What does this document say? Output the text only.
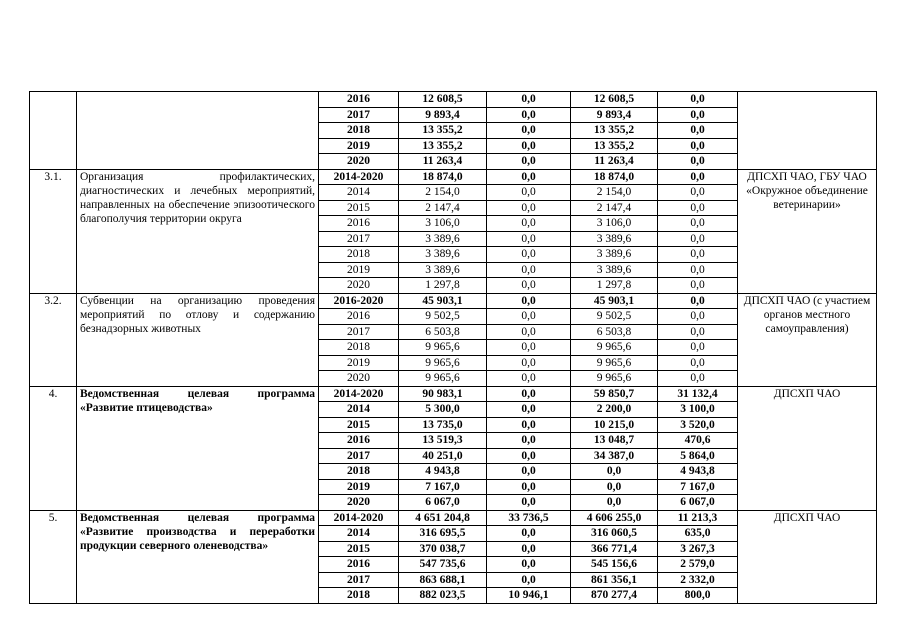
		2016	12 608,5	0,0	12 608,5	0,0	
		2017	9 893,4	0,0	9 893,4	0,0	
		2018	13 355,2	0,0	13 355,2	0,0	
		2019	13 355,2	0,0	13 355,2	0,0	
		2020	11 263,4	0,0	11 263,4	0,0	
3.1.	Организация профилактических, диагностических и лечебных мероприятий, направленных на обеспечение эпизоотического благополучия территории округа	2014-2020	18 874,0	0,0	18 874,0	0,0	ДПСХП ЧАО, ГБУ ЧАО «Окружное объединение ветеринарии»
		2014	2 154,0	0,0	2 154,0	0,0	
		2015	2 147,4	0,0	2 147,4	0,0	
		2016	3 106,0	0,0	3 106,0	0,0	
		2017	3 389,6	0,0	3 389,6	0,0	
		2018	3 389,6	0,0	3 389,6	0,0	
		2019	3 389,6	0,0	3 389,6	0,0	
		2020	1 297,8	0,0	1 297,8	0,0	
3.2.	Субвенции на организацию проведения мероприятий по отлову и содержанию безнадзорных животных	2016-2020	45 903,1	0,0	45 903,1	0,0	ДПСХП ЧАО (с участием органов местного самоуправления)
		2016	9 502,5	0,0	9 502,5	0,0	
		2017	6 503,8	0,0	6 503,8	0,0	
		2018	9 965,6	0,0	9 965,6	0,0	
		2019	9 965,6	0,0	9 965,6	0,0	
		2020	9 965,6	0,0	9 965,6	0,0	
4.	Ведомственная целевая программа «Развитие птицеводства»	2014-2020	90 983,1	0,0	59 850,7	31 132,4	ДПСХП ЧАО
		2014	5 300,0	0,0	2 200,0	3 100,0	
		2015	13 735,0	0,0	10 215,0	3 520,0	
		2016	13 519,3	0,0	13 048,7	470,6	
		2017	40 251,0	0,0	34 387,0	5 864,0	
		2018	4 943,8	0,0	0,0	4 943,8	
		2019	7 167,0	0,0	0,0	7 167,0	
		2020	6 067,0	0,0	0,0	6 067,0	
5.	Ведомственная целевая программа «Развитие производства и переработки продукции северного оленеводства»	2014-2020	4 651 204,8	33 736,5	4 606 255,0	11 213,3	ДПСХП ЧАО
		2014	316 695,5	0,0	316 060,5	635,0	
		2015	370 038,7	0,0	366 771,4	3 267,3	
		2016	547 735,6	0,0	545 156,6	2 579,0	
		2017	863 688,1	0,0	861 356,1	2 332,0	
		2018	882 023,5	10 946,1	870 277,4	800,0	
